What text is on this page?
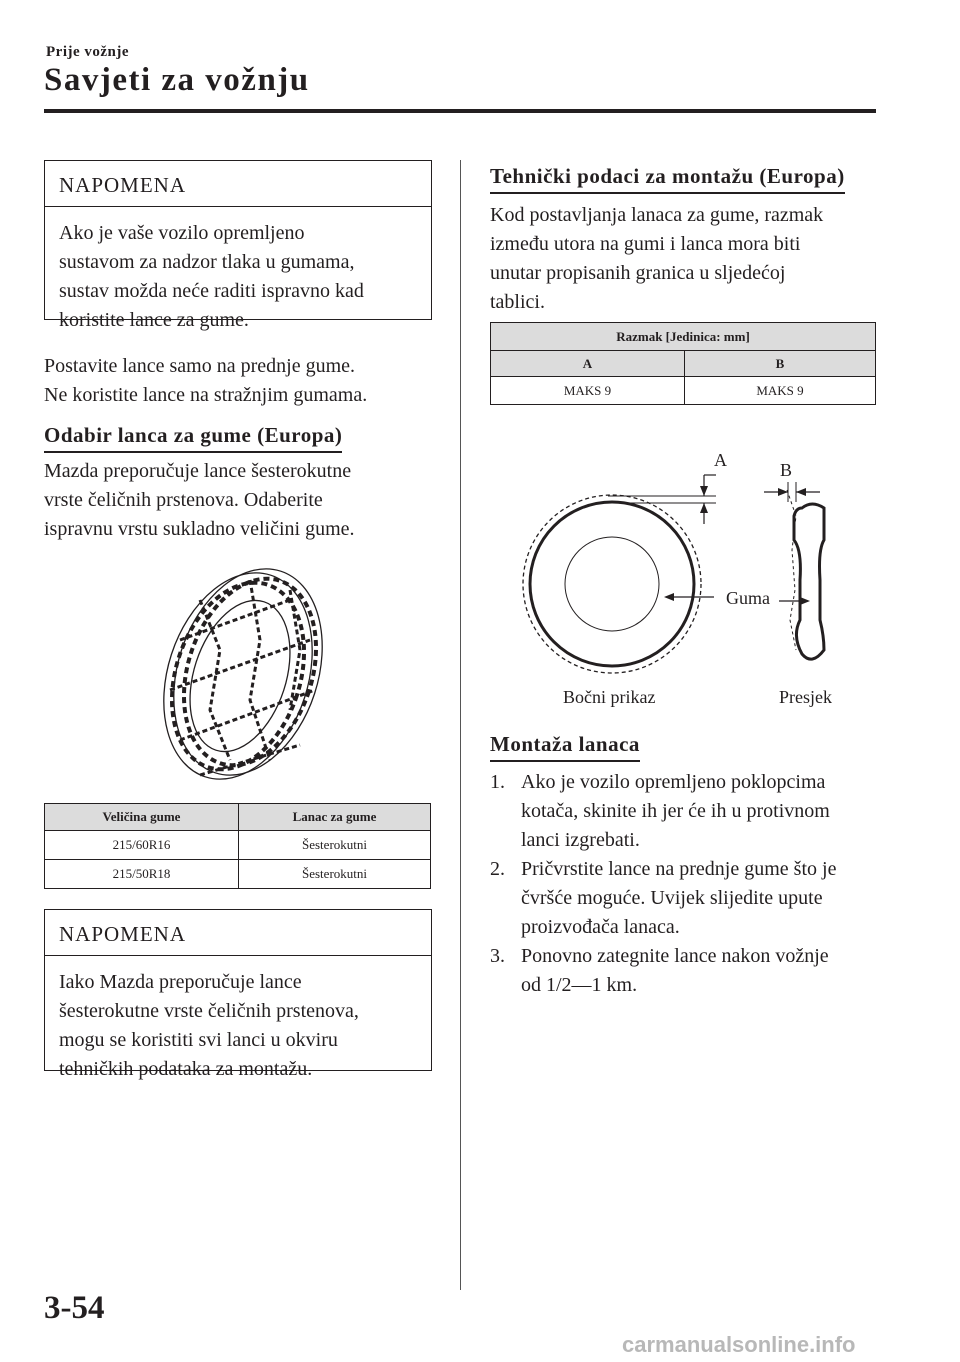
Prije vožnje
Savjeti za vožnju
NAPOMENA
Ako je vaše vozilo opremljeno
sustavom za nadzor tlaka u gumama,
sustav možda neće raditi ispravno kad
koristite lance za gume.
Postavite lance samo na prednje gume.
Ne koristite lance na stražnjim gumama.
Odabir lanca za gume (Europa)
Mazda preporučuje lance šesterokutne
vrste čeličnih prstenova. Odaberite
ispravnu vrstu sukladno veličini gume.
Veličina gume	Lanac za gume
215/60R16	Šesterokutni
215/50R18	Šesterokutni
NAPOMENA
Iako Mazda preporučuje lance
šesterokutne vrste čeličnih prstenova,
mogu se koristiti svi lanci u okviru
tehničkih podataka za montažu.
Tehnički podaci za montažu (Europa)
Kod postavljanja lanaca za gume, razmak
između utora na gumi i lanca mora biti
unutar propisanih granica u sljedećoj
tablici.
Razmak [Jedinica: mm]	
A	B
MAKS 9	MAKS 9
A	B
Guma
Bočni prikaz	Presjek
Montaža lanaca
1. Ako je vozilo opremljeno poklopcima
kotača, skinite ih jer će ih u protivnom
lanci izgrebati.
2. Pričvrstite lance na prednje gume što je
čvršće moguće. Uvijek slijedite upute
proizvođača lanaca.
3. Ponovno zategnite lance nakon vožnje
od 1/2―1 km.
3-54
carmanualsonline.info
